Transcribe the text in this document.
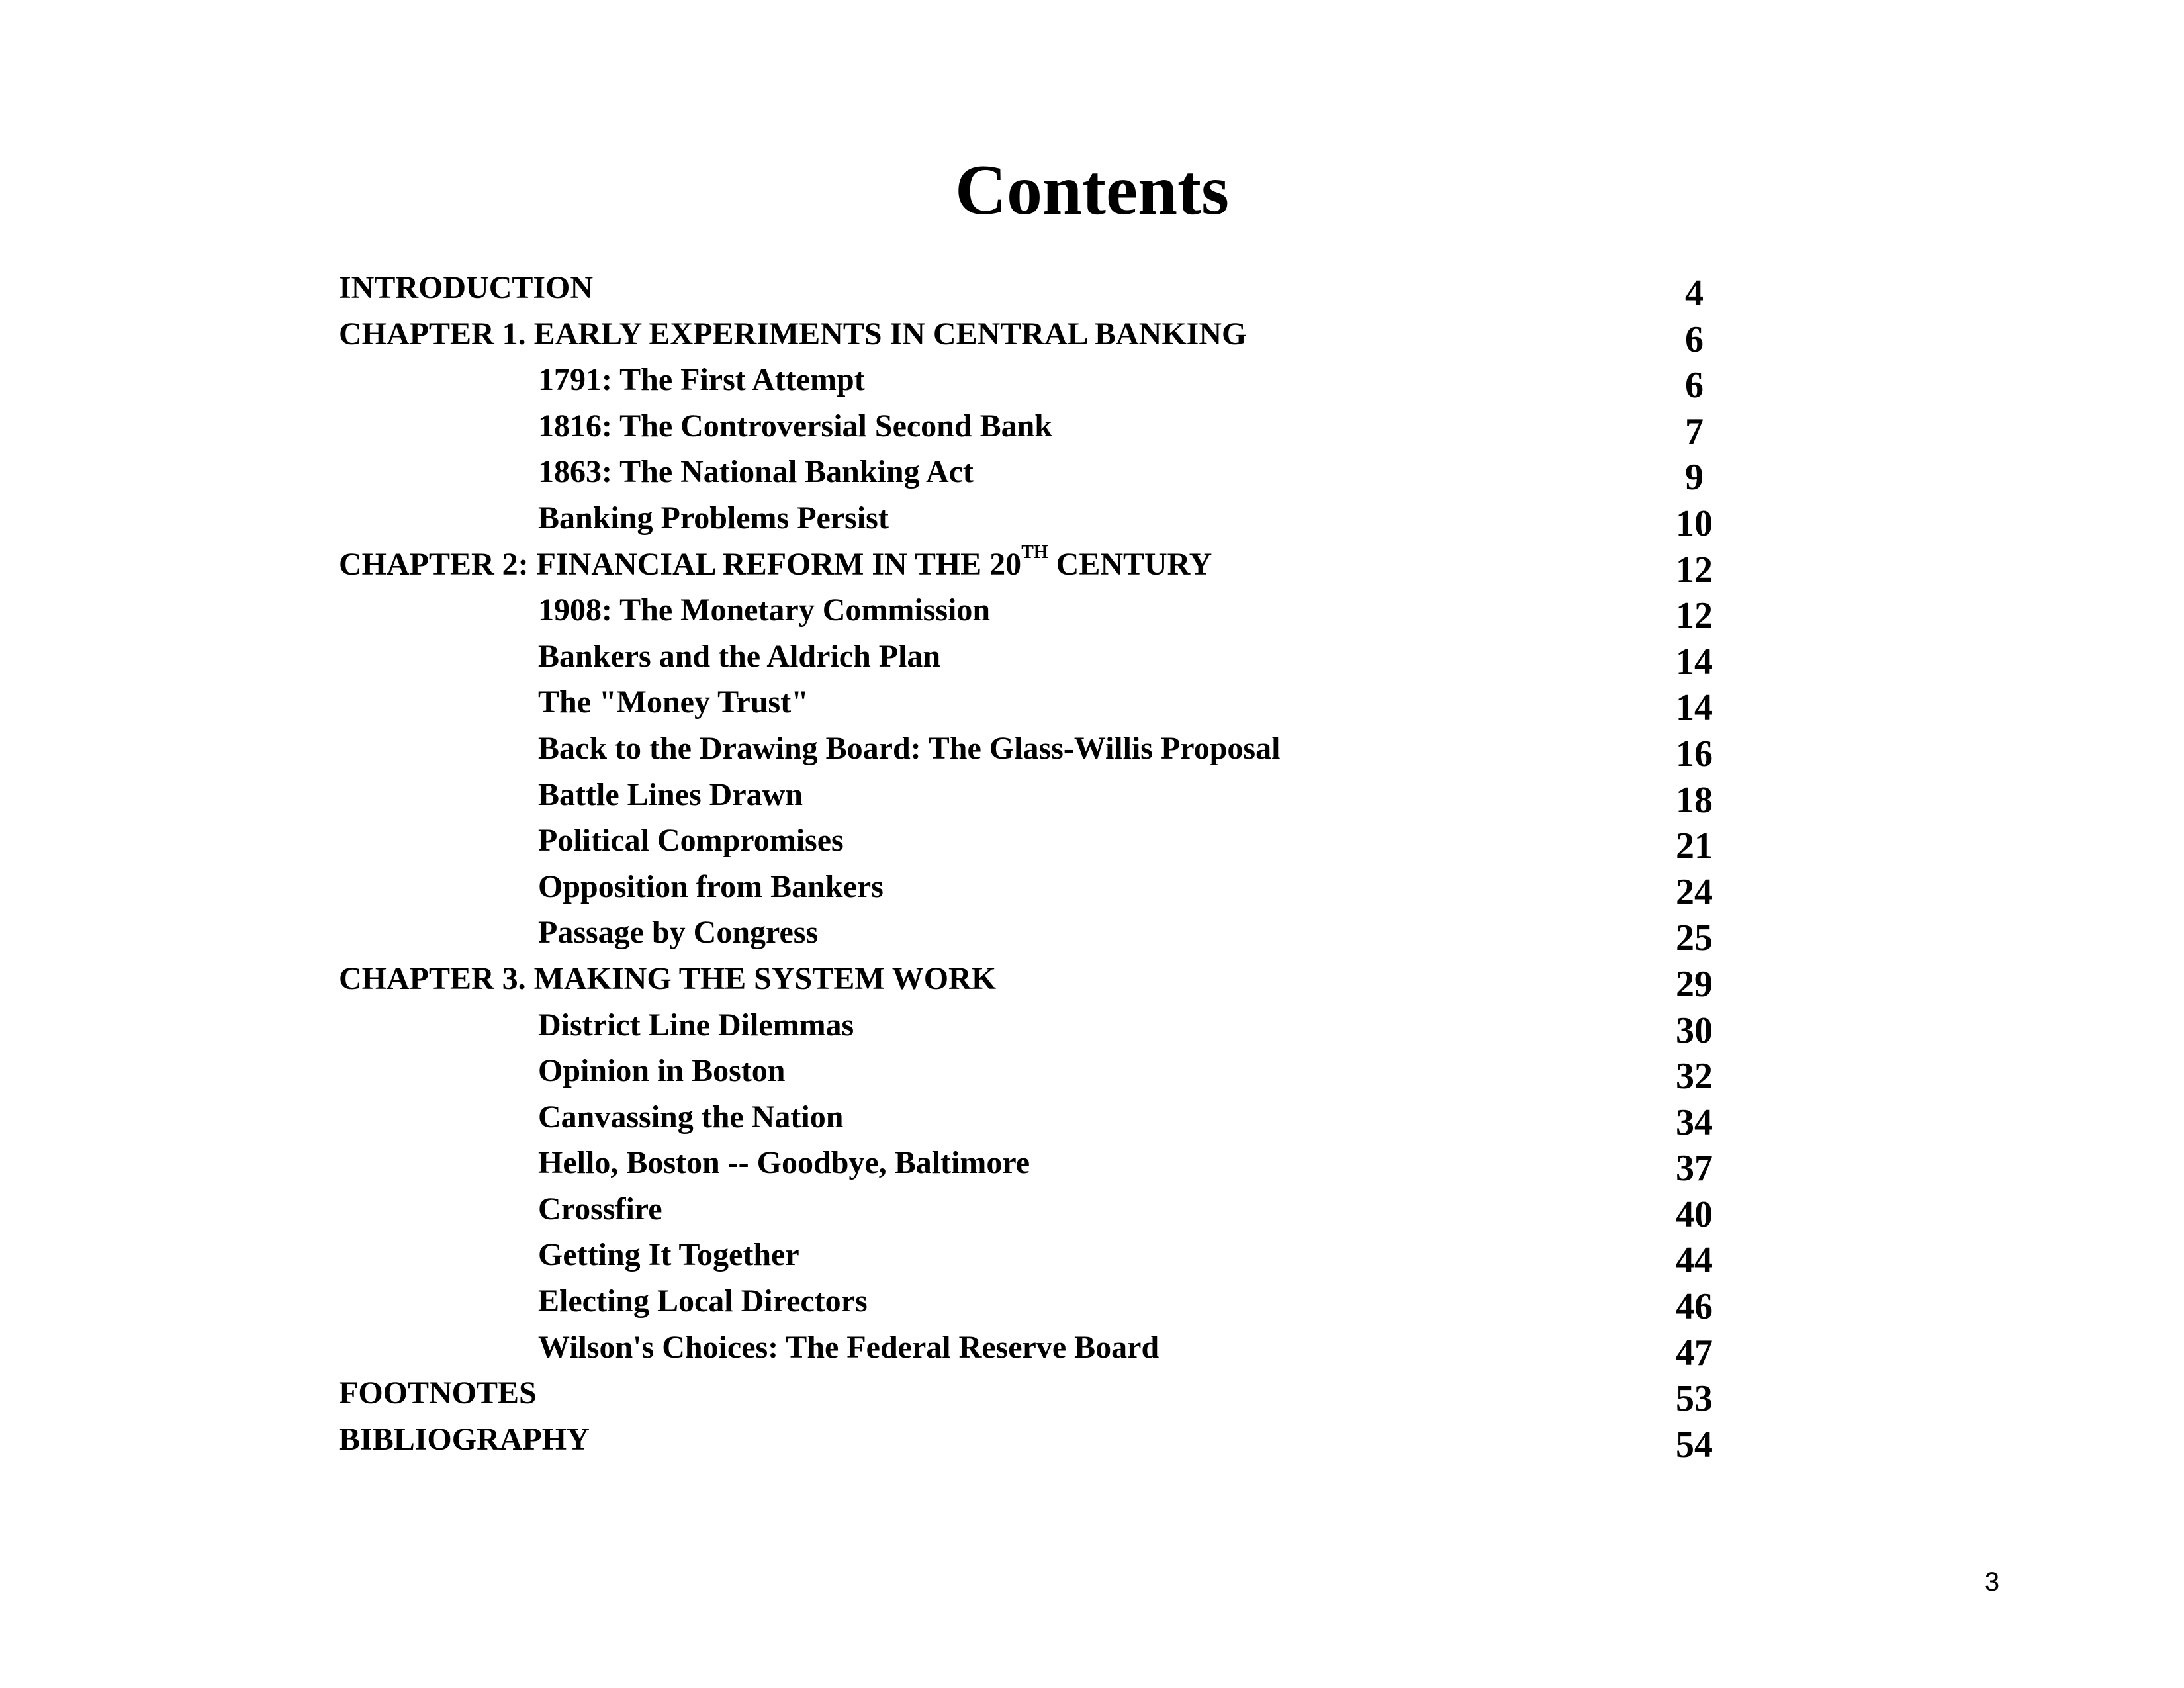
Contents
INTRODUCTION	4
CHAPTER 1. EARLY EXPERIMENTS IN CENTRAL BANKING	6
1791: The First Attempt	6
1816: The Controversial Second Bank	7
1863: The National Banking Act	9
Banking Problems Persist	10
CHAPTER 2: FINANCIAL REFORM IN THE 20TH CENTURY	12
1908: The Monetary Commission	12
Bankers and the Aldrich Plan	14
The "Money Trust"	14
Back to the Drawing Board: The Glass-Willis Proposal	16
Battle Lines Drawn	18
Political Compromises	21
Opposition from Bankers	24
Passage by Congress	25
CHAPTER 3. MAKING THE SYSTEM WORK	29
District Line Dilemmas	30
Opinion in Boston	32
Canvassing the Nation	34
Hello, Boston -- Goodbye, Baltimore	37
Crossfire	40
Getting It Together	44
Electing Local Directors	46
Wilson's Choices: The Federal Reserve Board	47
FOOTNOTES	53
BIBLIOGRAPHY	54
3
